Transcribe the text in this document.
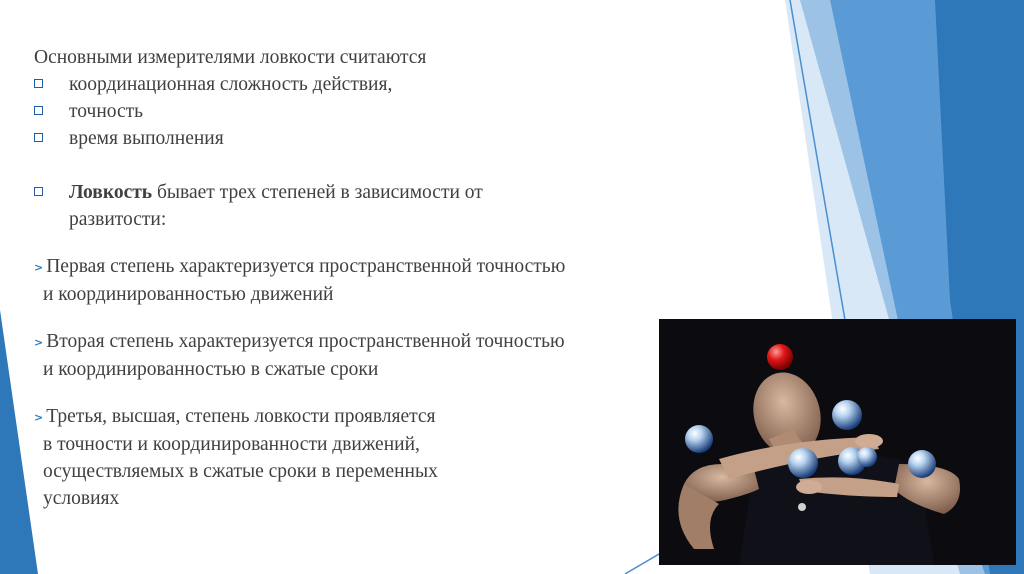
Основными измерителями ловкости считаются

координационная сложность действия,
точность
время выполнения
Ловкость бывает трех степеней в зависимости от
развитости:
> Первая степень характеризуется пространственной точностью
и координированностью движений
> Вторая степень характеризуется пространственной точностью
и координированностью в сжатые сроки
> Третья, высшая, степень ловкости проявляется
в точности и координированности движений,
осуществляемых в сжатые сроки в переменных
условиях
